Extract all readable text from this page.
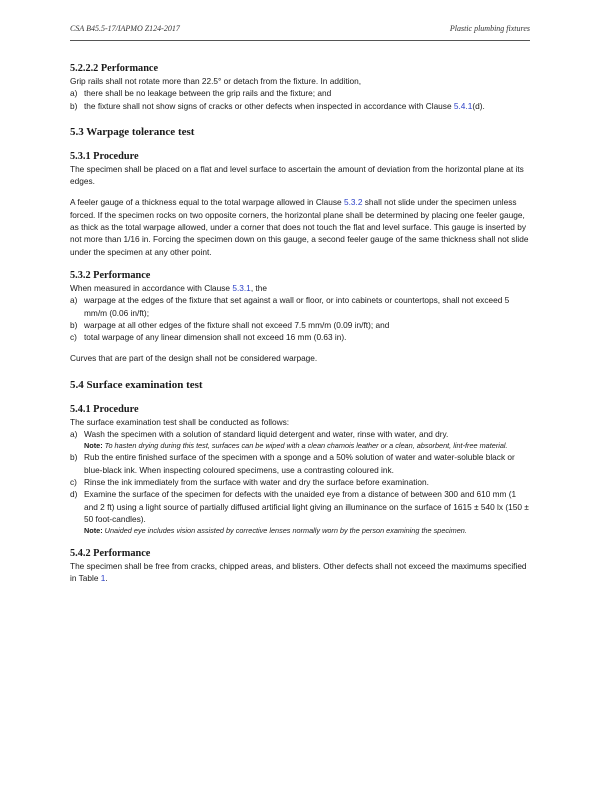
CSA B45.5-17/IAPMO Z124-2017	Plastic plumbing fixtures
5.2.2.2 Performance

Grip rails shall not rotate more than 22.5° or detach from the fixture. In addition,

a) there shall be no leakage between the grip rails and the fixture; and
b) the fixture shall not show signs of cracks or other defects when inspected in accordance with Clause 5.4.1(d).
5.3 Warpage tolerance test
5.3.1 Procedure

The specimen shall be placed on a flat and level surface to ascertain the amount of deviation from the horizontal plane at its edges.

A feeler gauge of a thickness equal to the total warpage allowed in Clause 5.3.2 shall not slide under the specimen unless forced. If the specimen rocks on two opposite corners, the horizontal plane shall be determined by placing one feeler gauge, as thick as the total warpage allowed, under a corner that does not touch the flat and level surface. This gauge is inserted by not more than 1/16 in. Forcing the specimen down on this gauge, a second feeler gauge of the same thickness shall not slide under the specimen at any other point.

5.3.2 Performance

When measured in accordance with Clause 5.3.1, the

a) warpage at the edges of the fixture that set against a wall or floor, or into cabinets or countertops, shall not exceed 5 mm/m (0.06 in/ft);
b) warpage at all other edges of the fixture shall not exceed 7.5 mm/m (0.09 in/ft); and
c) total warpage of any linear dimension shall not exceed 16 mm (0.63 in).

Curves that are part of the design shall not be considered warpage.

5.4 Surface examination test
5.4.1 Procedure

The surface examination test shall be conducted as follows:

a) Wash the specimen with a solution of standard liquid detergent and water, rinse with water, and dry.
Note: To hasten drying during this test, surfaces can be wiped with a clean chamois leather or a clean, absorbent, lint-free material.
b) Rub the entire finished surface of the specimen with a sponge and a 50% solution of water and water-soluble black or blue-black ink. When inspecting coloured specimens, use a contrasting coloured ink.
c) Rinse the ink immediately from the surface with water and dry the surface before examination.
d) Examine the surface of the specimen for defects with the unaided eye from a distance of between 300 and 610 mm (1 and 2 ft) using a light source of partially diffused artificial light giving an illuminance on the surface of 1615 ± 540 lx (150 ± 50 foot-candles).
Note: Unaided eye includes vision assisted by corrective lenses normally worn by the person examining the specimen.
5.4.2 Performance

The specimen shall be free from cracks, chipped areas, and blisters. Other defects shall not exceed the maximums specified in Table 1.
